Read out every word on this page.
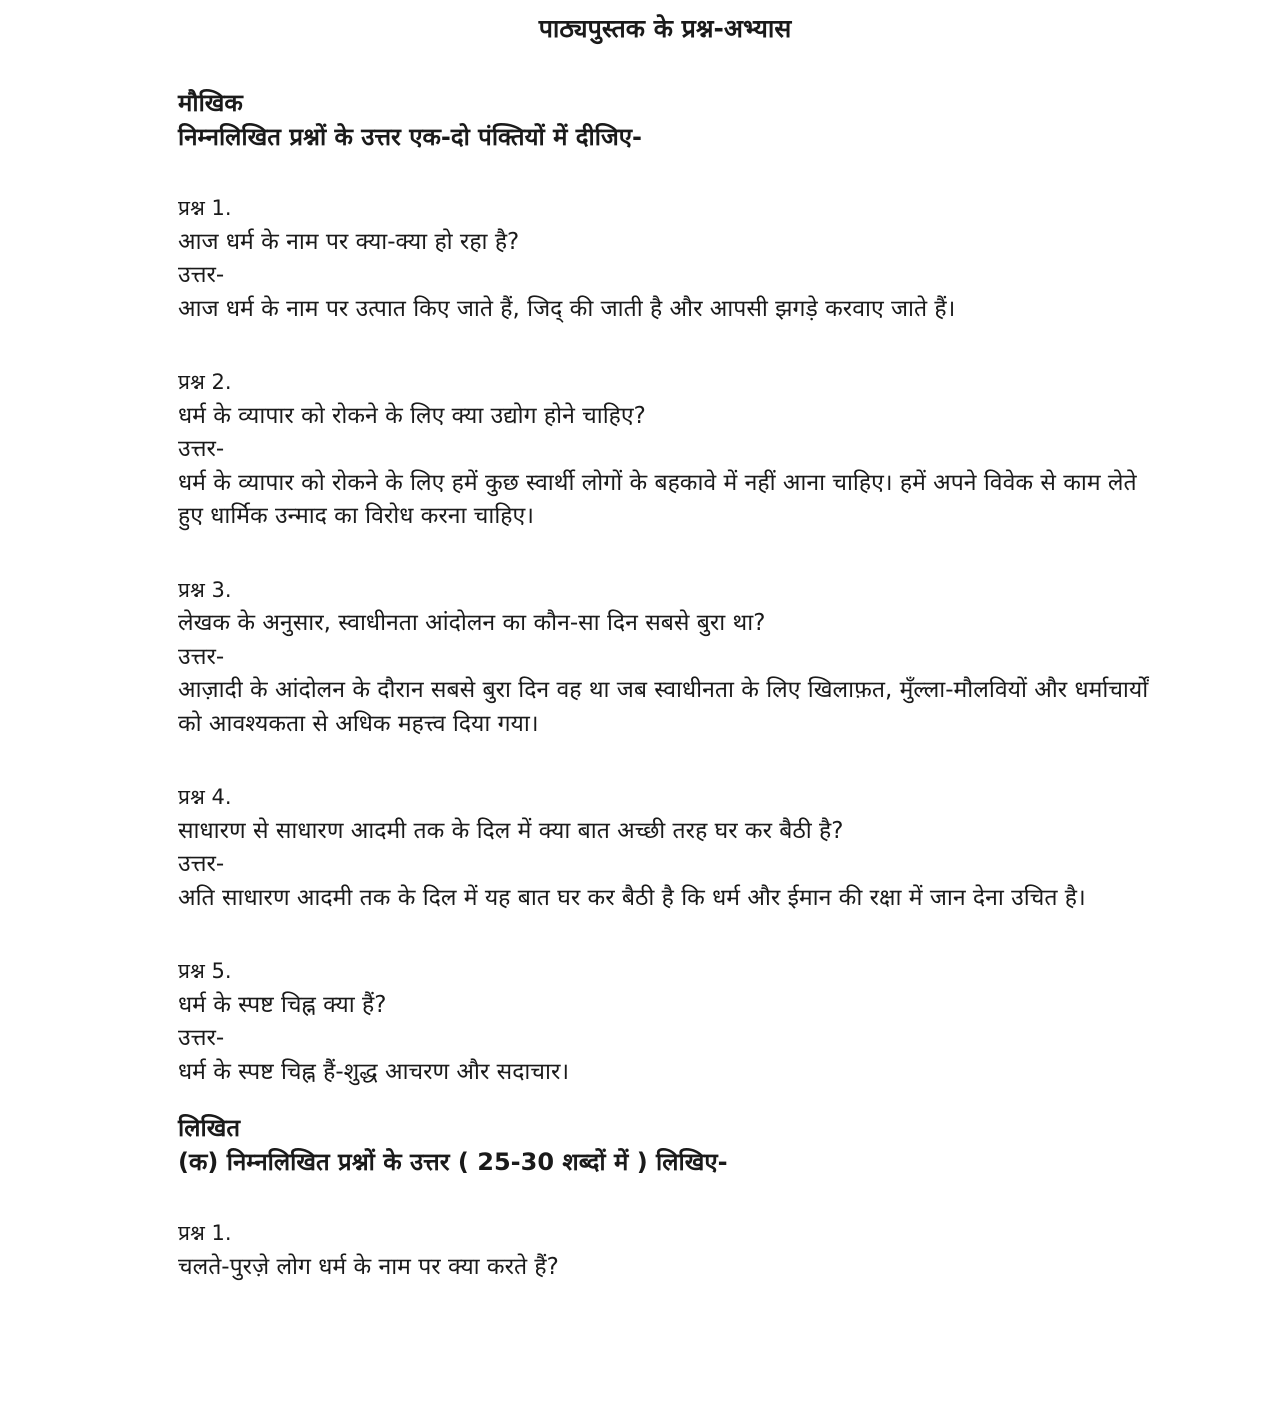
पाठ्यपुस्तक के प्रश्न-अभ्यास

मौखिक

निम्नलिखित प्रश्नों के उत्तर एक-दो पंक्तियों में दीजिए-

प्रश्न 1.

आज धर्म के नाम पर क्या-क्या हो रहा है?

उत्तर-

आज धर्म के नाम पर उत्पात किए जाते हैं, जिद् की जाती है और आपसी झगड़े करवाए जाते हैं।

प्रश्न 2.

धर्म के व्यापार को रोकने के लिए क्या उद्योग होने चाहिए?

उत्तर-

धर्म के व्यापार को रोकने के लिए हमें कुछ स्वार्थी लोगों के बहकावे में नहीं आना चाहिए। हमें अपने विवेक से काम लेते हुए धार्मिक उन्माद का विरोध करना चाहिए।

प्रश्न 3.

लेखक के अनुसार, स्वाधीनता आंदोलन का कौन-सा दिन सबसे बुरा था?

उत्तर-

आज़ादी के आंदोलन के दौरान सबसे बुरा दिन वह था जब स्वाधीनता के लिए खिलाफ़त, मुँल्ला-मौलवियों और धर्माचार्यों को आवश्यकता से अधिक महत्त्व दिया गया।

प्रश्न 4.

साधारण से साधारण आदमी तक के दिल में क्या बात अच्छी तरह घर कर बैठी है?

उत्तर-

अति साधारण आदमी तक के दिल में यह बात घर कर बैठी है कि धर्म और ईमान की रक्षा में जान देना उचित है।

प्रश्न 5.

धर्म के स्पष्ट चिह्न क्या हैं?

उत्तर-

धर्म के स्पष्ट चिह्न हैं-शुद्ध आचरण और सदाचार।

लिखित

(क) निम्नलिखित प्रश्नों के उत्तर ( 25-30 शब्दों में ) लिखिए-

प्रश्न 1.

चलते-पुरज़े लोग धर्म के नाम पर क्या करते हैं?
